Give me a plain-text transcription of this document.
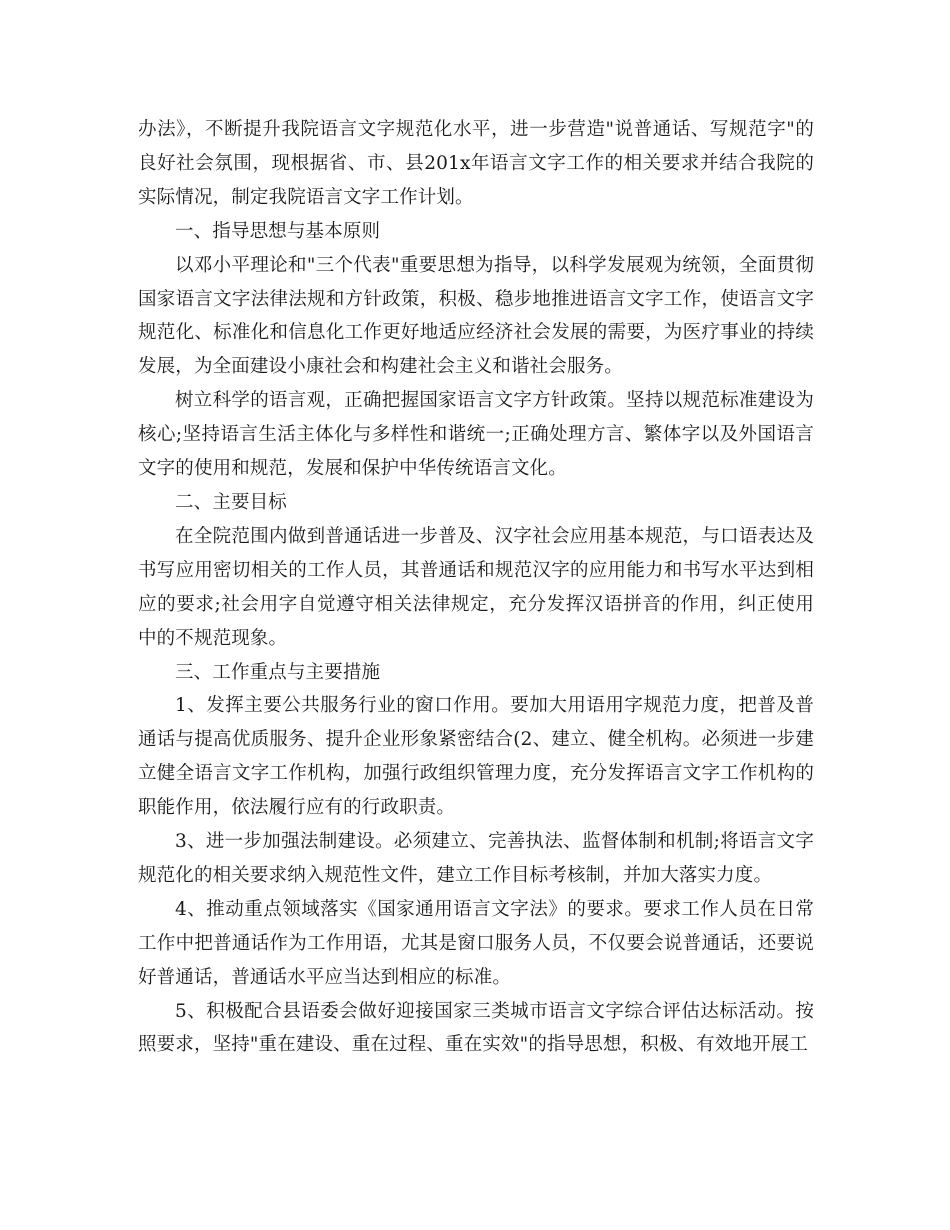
办法》，不断提升我院语言文字规范化水平，进一步营造"说普通话、写规范字"的良好社会氛围，现根据省、市、县201x年语言文字工作的相关要求并结合我院的实际情况，制定我院语言文字工作计划。

一、指导思想与基本原则

以邓小平理论和"三个代表"重要思想为指导，以科学发展观为统领，全面贯彻国家语言文字法律法规和方针政策，积极、稳步地推进语言文字工作，使语言文字规范化、标准化和信息化工作更好地适应经济社会发展的需要，为医疗事业的持续发展，为全面建设小康社会和构建社会主义和谐社会服务。

树立科学的语言观，正确把握国家语言文字方针政策。坚持以规范标准建设为核心;坚持语言生活主体化与多样性和谐统一;正确处理方言、繁体字以及外国语言文字的使用和规范，发展和保护中华传统语言文化。

二、主要目标

在全院范围内做到普通话进一步普及、汉字社会应用基本规范，与口语表达及书写应用密切相关的工作人员，其普通话和规范汉字的应用能力和书写水平达到相应的要求;社会用字自觉遵守相关法律规定，充分发挥汉语拼音的作用，纠正使用中的不规范现象。

三、工作重点与主要措施

1、发挥主要公共服务行业的窗口作用。要加大用语用字规范力度，把普及普通话与提高优质服务、提升企业形象紧密结合(2、建立、健全机构。必须进一步建立健全语言文字工作机构，加强行政组织管理力度，充分发挥语言文字工作机构的职能作用，依法履行应有的行政职责。

3、进一步加强法制建设。必须建立、完善执法、监督体制和机制;将语言文字规范化的相关要求纳入规范性文件，建立工作目标考核制，并加大落实力度。

4、推动重点领域落实《国家通用语言文字法》的要求。要求工作人员在日常工作中把普通话作为工作用语，尤其是窗口服务人员，不仅要会说普通话，还要说好普通话，普通话水平应当达到相应的标准。

5、积极配合县语委会做好迎接国家三类城市语言文字综合评估达标活动。按照要求，坚持"重在建设、重在过程、重在实效"的指导思想，积极、有效地开展工
